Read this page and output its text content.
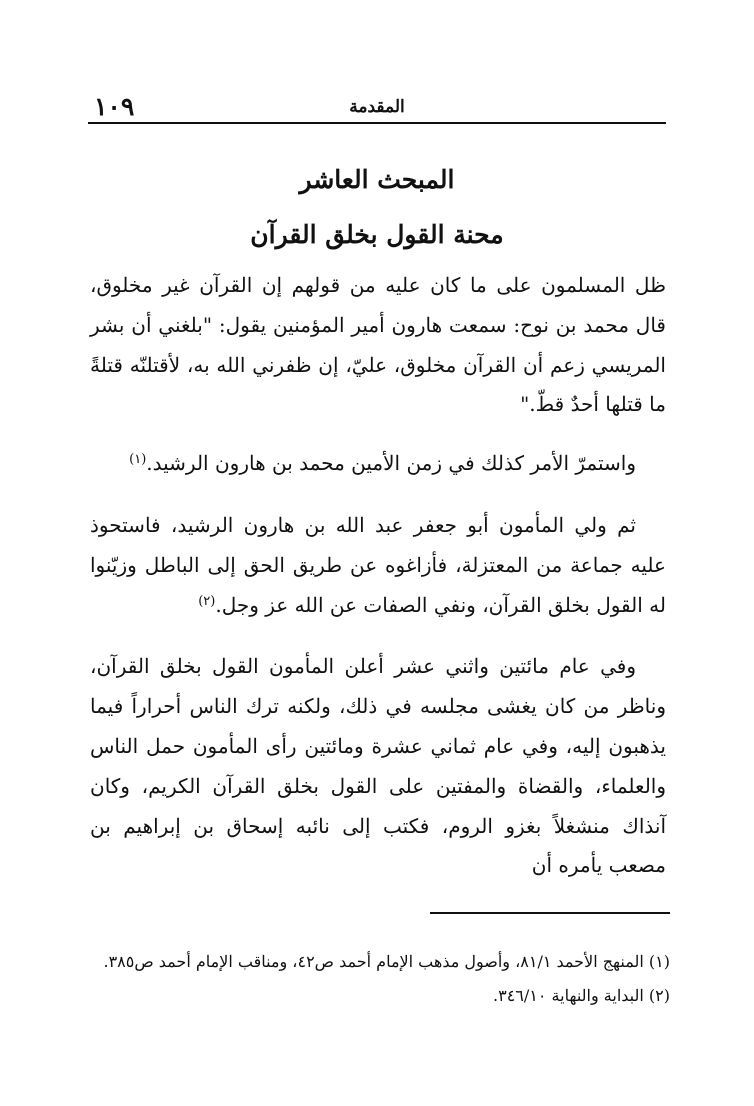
١٠٩	المقدمة
المبحث العاشر
محنة القول بخلق القرآن

ظل المسلمون على ما كان عليه من قولهم إن القرآن غير مخلوق، قال محمد بن نوح: سمعت هارون أمير المؤمنين يقول: "بلغني أن بشر المريسي زعم أن القرآن مخلوق، عليّ، إن ظفرني الله به، لأقتلنّه قتلةً ما قتلها أحدٌ قطّ."

واستمرّ الأمر كذلك في زمن الأمين محمد بن هارون الرشيد.$^{(١)}$

ثم ولي المأمون أبو جعفر عبد الله بن هارون الرشيد، فاستحوذ عليه جماعة من المعتزلة، فأزاغوه عن طريق الحق إلى الباطل وزيّنوا له القول بخلق القرآن، ونفي الصفات عن الله عز وجل.$^{(٢)}$

وفي عام مائتين واثني عشر أعلن المأمون القول بخلق القرآن، وناظر من كان يغشى مجلسه في ذلك، ولكنه ترك الناس أحراراً فيما يذهبون إليه، وفي عام ثماني عشرة ومائتين رأى المأمون حمل الناس والعلماء، والقضاة والمفتين على القول بخلق القرآن الكريم، وكان آنذاك منشغلاً بغزو الروم، فكتب إلى نائبه إسحاق بن إبراهيم بن مصعب يأمره أن

(١) المنهج الأحمد ٨١/١، وأصول مذهب الإمام أحمد ص٤٢، ومناقب الإمام أحمد ص٣٨٥.

(٢) البداية والنهاية ٣٤٦/١٠.
